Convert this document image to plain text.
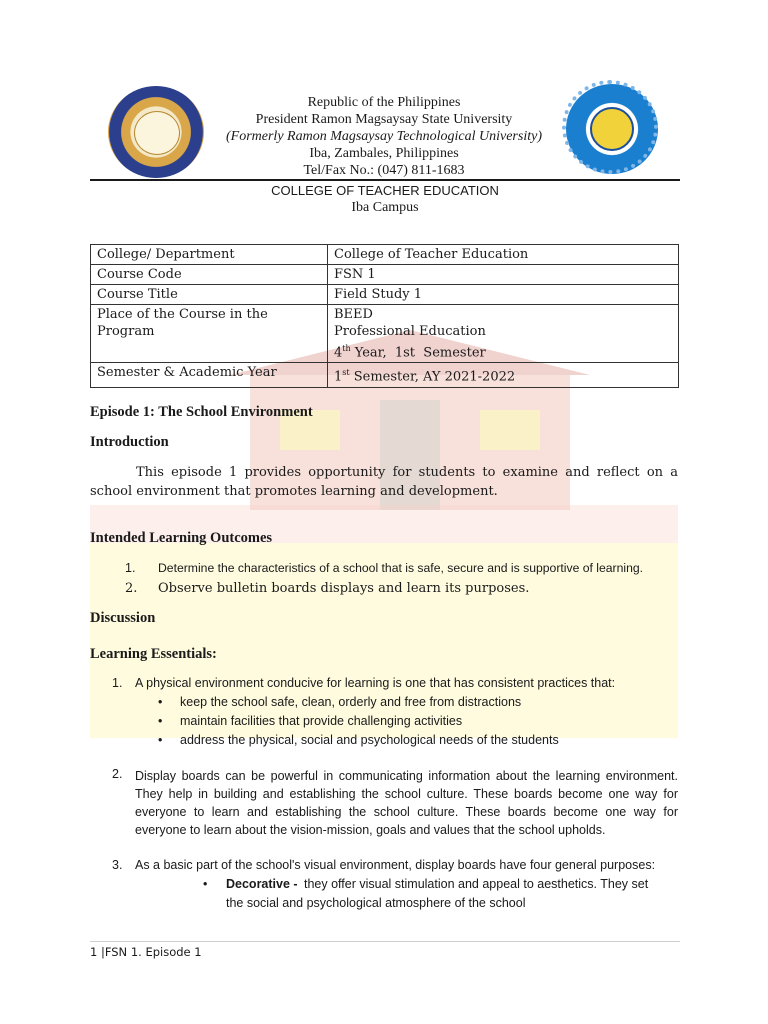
Republic of the Philippines
President Ramon Magsaysay State University
(Formerly Ramon Magsaysay Technological University)
Iba, Zambales, Philippines
Tel/Fax No.: (047) 811-1683
COLLEGE OF TEACHER EDUCATION
Iba Campus
College/ Department	College of Teacher Education
Course Code	FSN 1
Course Title	Field Study 1
Place of the Course in the Program	BEED
Professional Education
4th Year,  1st  Semester

Semester & Academic Year	1st Semester, AY 2021-2022
Episode 1: The School Environment
Introduction
This episode 1 provides opportunity for students to examine and reflect on a school environment that promotes learning and development.
Intended Learning Outcomes
1. Determine the characteristics of a school that is safe, secure and is supportive of learning.
2. Observe bulletin boards displays and learn its purposes.
Discussion
Learning Essentials:
1. A physical environment conducive for learning is one that has consistent practices that:
• keep the school safe, clean, orderly and free from distractions
• maintain facilities that provide challenging activities
• address the physical, social and psychological needs of the students
2. Display boards can be powerful in communicating information about the learning environment. They help in building and establishing the school culture. These boards become one way for everyone to learn and establishing the school culture. These boards become one way for everyone to learn about the vision-mission, goals and values that the school upholds.
3. As a basic part of the school's visual environment, display boards have four general purposes:
• Decorative - they offer visual stimulation and appeal to aesthetics. They set
the social and psychological atmosphere of the school
1 |FSN 1. Episode 1
